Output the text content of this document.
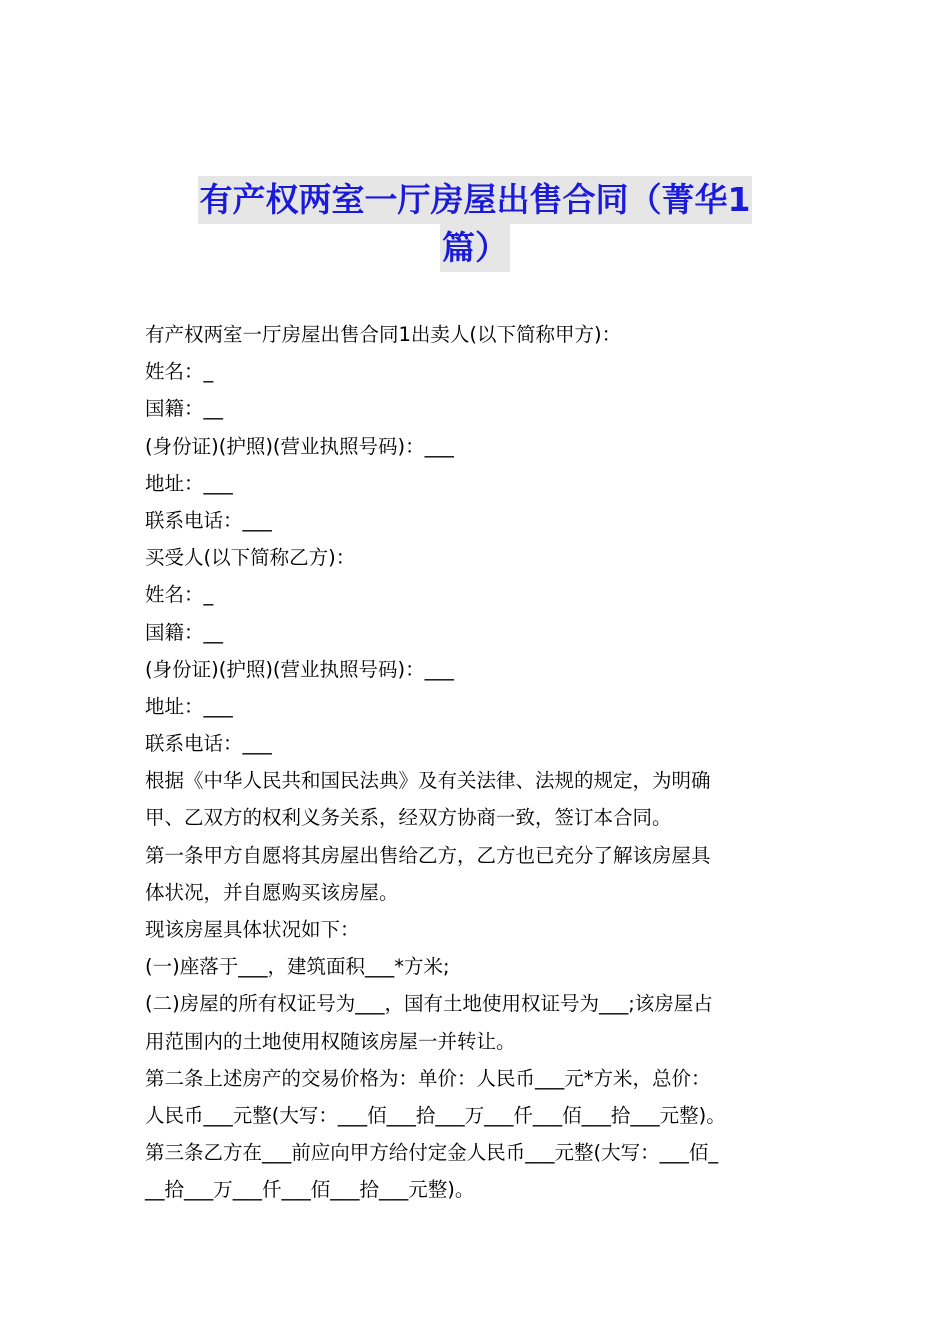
有产权两室一厅房屋出售合同（菁华1
篇）
有产权两室一厅房屋出售合同1出卖人(以下简称甲方)：
姓名：_
国籍：__
(身份证)(护照)(营业执照号码)：___
地址：___
联系电话：___
买受人(以下简称乙方)：
姓名：_
国籍：__
(身份证)(护照)(营业执照号码)：___
地址：___
联系电话：___
根据《中华人民共和国民法典》及有关法律、法规的规定，为明确
甲、乙双方的权利义务关系，经双方协商一致，签订本合同。
第一条甲方自愿将其房屋出售给乙方，乙方也已充分了解该房屋具
体状况，并自愿购买该房屋。
现该房屋具体状况如下：
(一)座落于___，建筑面积___*方米;
(二)房屋的所有权证号为___，国有土地使用权证号为___;该房屋占
用范围内的土地使用权随该房屋一并转让。
第二条上述房产的交易价格为：单价：人民币___元*方米，总价：
人民币___元整(大写：___佰___拾___万___仟___佰___拾___元整)。
第三条乙方在___前应向甲方给付定金人民币___元整(大写：___佰_
__拾___万___仟___佰___拾___元整)。
